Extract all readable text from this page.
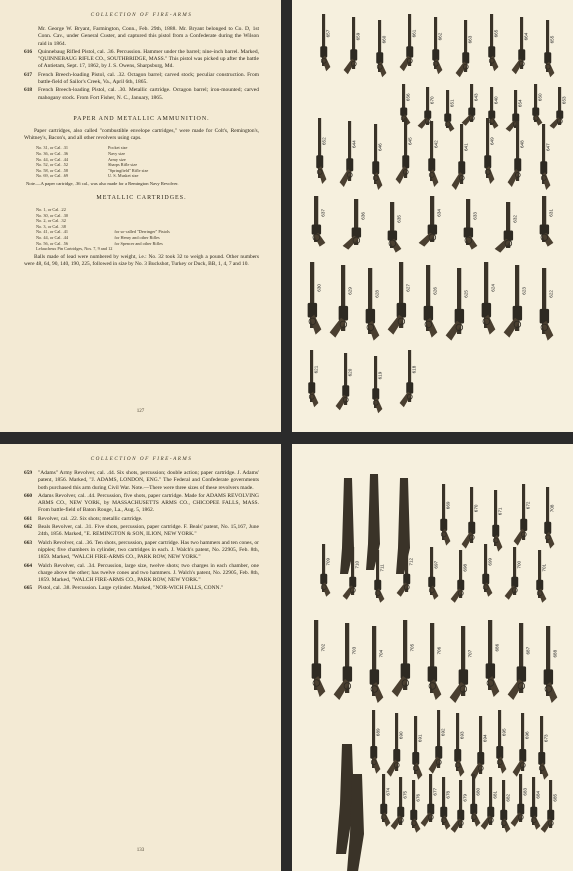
COLLECTION OF FIRE-ARMS

Mr. George W. Bryant, Farmington, Conn., Feb. 29th, 1888. Mr. Bryant belonged to Co. D, 1st Conn. Cav., under General Custer, and captured this pistol from a Confederate during the Wilson raid in 1864.

616 Quinnebaug Rifled Pistol, cal. .36. Percussion. Hammer under the barrel; nine-inch barrel. Marked, "QUINNEBAUG RIFLE CO., SOUTHBRIDGE, MASS." This pistol was picked up after the battle of Antietam, Sept. 17, 1862, by J. S. Owens, Sharpsburg, Md.

617 French Breech-loading Pistol, cal. .32. Octagon barrel; carved stock; peculiar construction. From battle-field of Sailor's Creek, Va., April 6th, 1865.

618 French Breech-loading Pistol, cal. .30. Metallic cartridge. Octagon barrel; iron-mounted; carved mahogany stock. From Fort Fisher, N. C., January, 1865.

PAPER AND METALLIC AMMUNITION.

Paper cartridges, also called "combustible envelope cartridges," were made for Colt's, Remington's, Whitney's, Bacon's, and all other revolvers using caps.

No. 31, or Cal. .31	Pocket size
No. 36, or Cal. .36	Navy size
No. 44, or Cal. .44	Army size
No. 52, or Cal. .52	Sharps Rifle size
No. 58, or Cal. .58	"Springfield" Rifle size
No. 69, or Cal. .69	U. S. Musket size
Note.—A paper cartridge, .36 cal., was also made for a Remington Navy Revolver.
METALLIC CARTRIDGES.
No. 1, or Cal. .22	
No. 30, or Cal. .30	
No. 2, or Cal. .32	
No. 3, or Cal. .38	
No. 41, or Cal. .41	for so-called "Derringer" Pistols
No. 44, or Cal. .44	for Henry and other Rifles
No. 56, or Cal. .56	for Spencer and other Rifles
Lefaucheux Pin Cartridges, Nos. 7, 9 and 12	

Balls made of lead were numbered by weight, i.e.: No. 32 took 32 to weigh a pound. Other numbers were 48, 64, 90, 140, 190, 225, followed in size by No. 3 Buckshot, Turkey or Duck, BB, 1, 4, 7 and 10.

127
657	659	660
661	662	663
665	664	655
656	670	651
643	640	654
650	653
652	644	646
645	642	641
649	648	647
637	636	635
634	633	632
631
630	629	628
627	626	625
624	623	622
621	620	619
618
COLLECTION OF FIRE-ARMS

659 "Adams" Army Revolver, cal. .44. Six shots, percussion; double action; paper cartridge. J. Adams' patent, 1856. Marked, "J. ADAMS, LONDON, ENG." The Federal and Confederate governments both purchased this arm during Civil War. Note.—There were three sizes of these revolvers made.

660 Adams Revolver, cal. .44. Percussion, five shots, paper cartridge. Made for ADAMS REVOLVING ARMS CO., NEW YORK, by MASSACHUSETTS ARMS CO., CHICOPEE FALLS, MASS. From battle-field of Baton Rouge, La., Aug. 5, 1862.

661 Revolver, cal. .22. Six shots; metallic cartridge.

662 Beals Revolver, cal. .31. Five shots, percussion, paper cartridge. F. Beals' patent, No. 15,167, June 24th, 1856. Marked, "E. REMINGTON & SON, ILION, NEW YORK."

663 Walch Revolver, cal. .36. Ten shots, percussion, paper cartridge. Has two hammers and ten cones, or nipples; five chambers in cylinder, two cartridges in each. J. Walch's patent, No. 22905, Feb. 8th, 1859. Marked, "WALCH FIRE-ARMS CO., PARK ROW, NEW YORK."

664 Walch Revolver, cal. .34. Percussion, large size, twelve shots; two charges in each chamber, one charge above the other; has twelve cones and two hammers. J. Walch's patent, No. 22905, Feb. 8th, 1859. Marked, "WALCH FIRE-ARMS CO., PARK ROW, NEW YORK."

665 Pistol, cal. .38. Percussion. Large cylinder. Marked, "NOR-WICH FALLS, CONN."

133
669	670	671
672	708
709	710	711
712	697	698
699	700	701
702	703	704
705	706	707
686	687	688
689	690	691
692	693	694
695	696	673
674	675 676
677 678	679
680	681 682
683 684	685
